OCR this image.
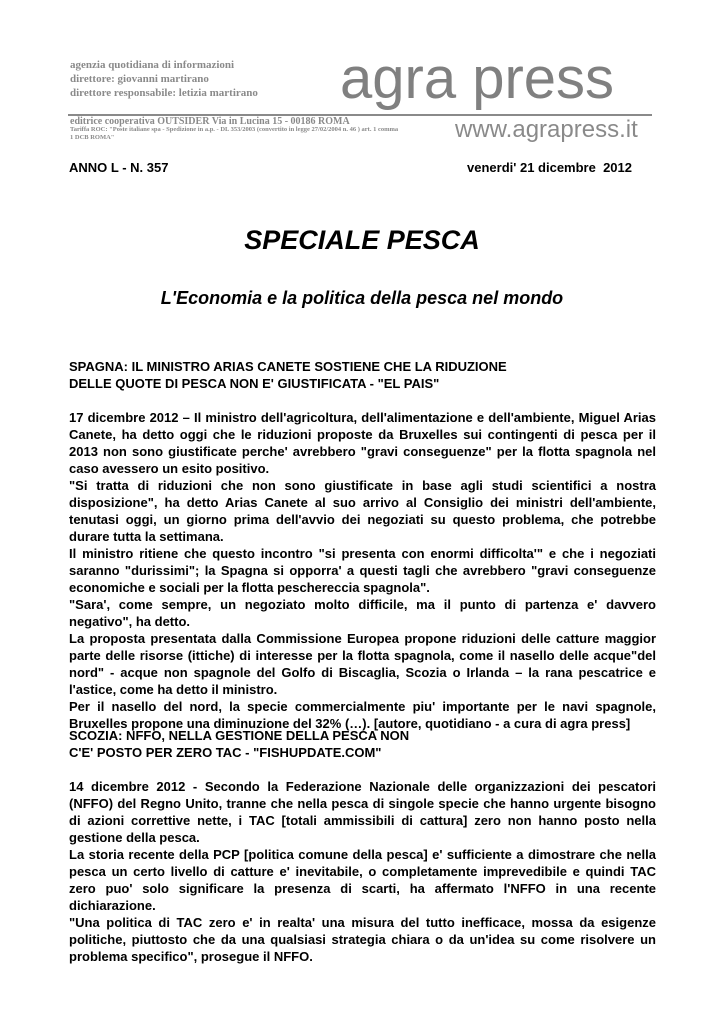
agenzia quotidiana di informazioni
direttore: giovanni martirano
direttore responsabile: letizia martirano agra press
editrice cooperativa OUTSIDER Via in Lucina 15 - 00186 ROMA
Tariffa ROC: "Poste italiane spa - Spedizione in a.p. - DL 353/2003 (convertito in legge 27/02/2004 n. 46 ) art. 1 comma 1 DCB ROMA"	www.agrapress.it
ANNO L - N. 357	venerdi' 21 dicembre  2012
SPECIALE PESCA
L'Economia e la politica della pesca nel mondo
SPAGNA: IL MINISTRO ARIAS CANETE SOSTIENE CHE LA RIDUZIONE
DELLE QUOTE DI PESCA NON E' GIUSTIFICATA - "EL PAIS"

17 dicembre 2012 – Il ministro dell'agricoltura, dell'alimentazione e dell'ambiente, Miguel Arias Canete, ha detto oggi che le riduzioni proposte da Bruxelles sui contingenti di pesca per il 2013 non sono giustificate perche' avrebbero "gravi conseguenze" per la flotta spagnola nel caso avessero un esito positivo.

"Si tratta di riduzioni che non sono giustificate in base agli studi scientifici a nostra disposizione", ha detto Arias Canete al suo arrivo al Consiglio dei ministri dell'ambiente, tenutasi oggi, un giorno prima dell'avvio dei negoziati su questo problema, che potrebbe durare tutta la settimana.

Il ministro ritiene che questo incontro "si presenta con enormi difficolta'" e che i negoziati saranno "durissimi"; la Spagna si opporra' a questi tagli che avrebbero "gravi conseguenze economiche e sociali per la flotta peschereccia spagnola".

"Sara', come sempre, un negoziato molto difficile, ma il punto di partenza e' davvero negativo", ha detto.

La proposta presentata dalla Commissione Europea propone riduzioni delle catture maggior parte delle risorse (ittiche) di interesse per la flotta spagnola, come il nasello delle acque"del nord" - acque non spagnole del Golfo di Biscaglia, Scozia o Irlanda – la rana pescatrice e l'astice, come ha detto il ministro.

Per il nasello del nord, la specie commercialmente piu' importante per le navi spagnole, Bruxelles propone una diminuzione del 32% (…). [autore, quotidiano - a cura di agra press]

SCOZIA: NFFO, NELLA GESTIONE DELLA PESCA NON
C'E' POSTO PER ZERO TAC - "FISHUPDATE.COM"

14 dicembre 2012 - Secondo la Federazione Nazionale delle organizzazioni dei pescatori (NFFO) del Regno Unito, tranne che nella pesca di singole specie che hanno urgente bisogno di azioni correttive nette, i TAC [totali ammissibili di cattura] zero non hanno posto nella gestione della pesca.

La storia recente della PCP [politica comune della pesca] e' sufficiente a dimostrare che nella pesca un certo livello di catture e' inevitabile, o completamente imprevedibile e quindi TAC zero puo' solo significare la presenza di scarti, ha affermato l'NFFO in una recente dichiarazione.

"Una politica di TAC zero e' in realta' una misura del tutto inefficace, mossa da esigenze politiche, piuttosto che da una qualsiasi strategia chiara o da un'idea su come risolvere un problema specifico", prosegue il NFFO.
